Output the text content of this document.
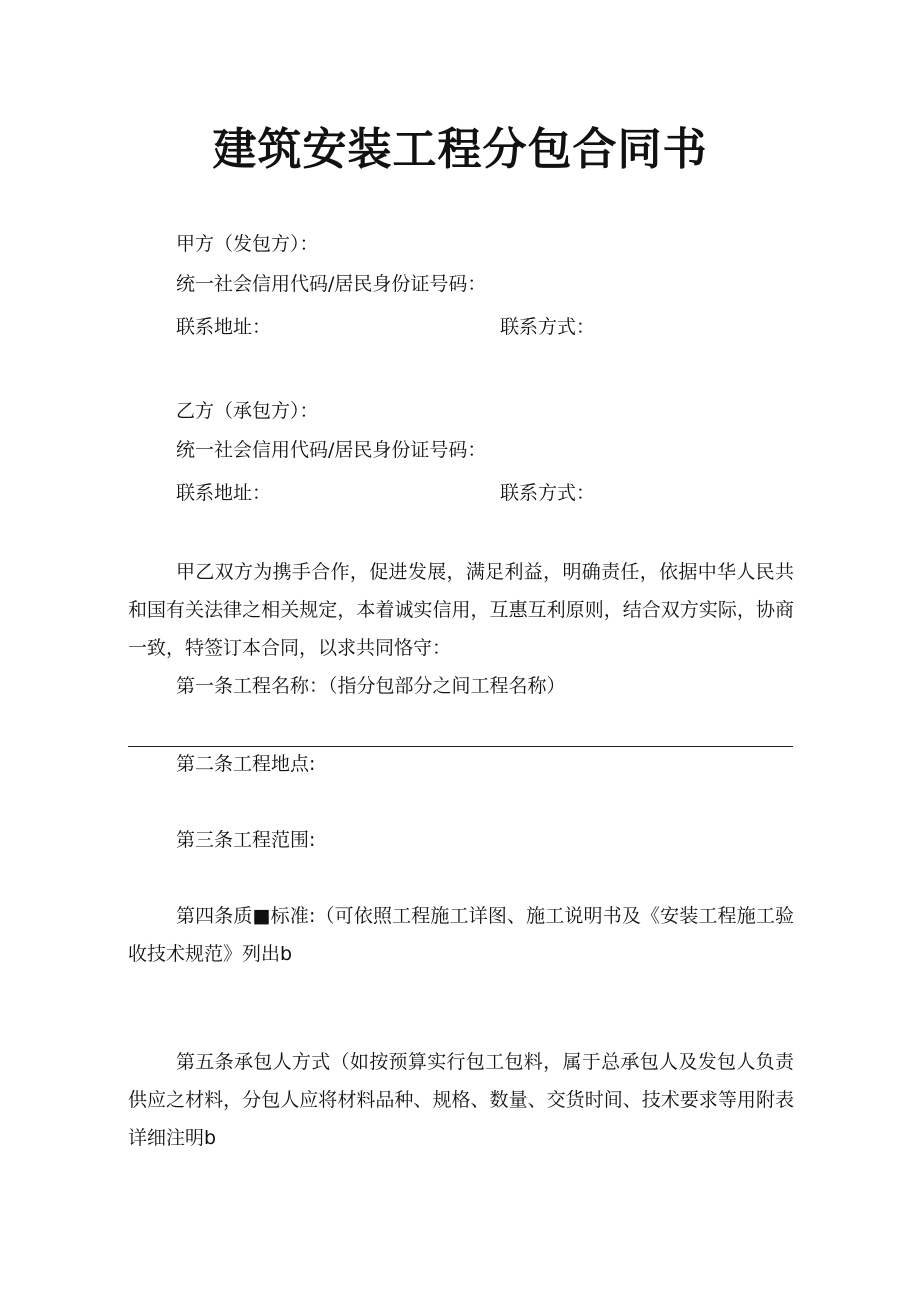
建筑安装工程分包合同书
甲方（发包方）：
统一社会信用代码/居民身份证号码：
联系地址：	联系方式：
乙方（承包方）：
统一社会信用代码/居民身份证号码：
联系地址：	联系方式：
甲乙双方为携手合作，促进发展，满足利益，明确责任，依据中华人民共和国有关法律之相关规定，本着诚实信用，互惠互利原则，结合双方实际，协商一致，特签订本合同，以求共同恪守：
第一条工程名称：（指分包部分之间工程名称）
第二条工程地点:
第三条工程范围:
第四条质■标准:（可依照工程施工详图、施工说明书及《安装工程施工验收技术规范》列出b
第五条承包人方式（如按预算实行包工包料，属于总承包人及发包人负责供应之材料，分包人应将材料品种、规格、数量、交货时间、技术要求等用附表详细注明b
